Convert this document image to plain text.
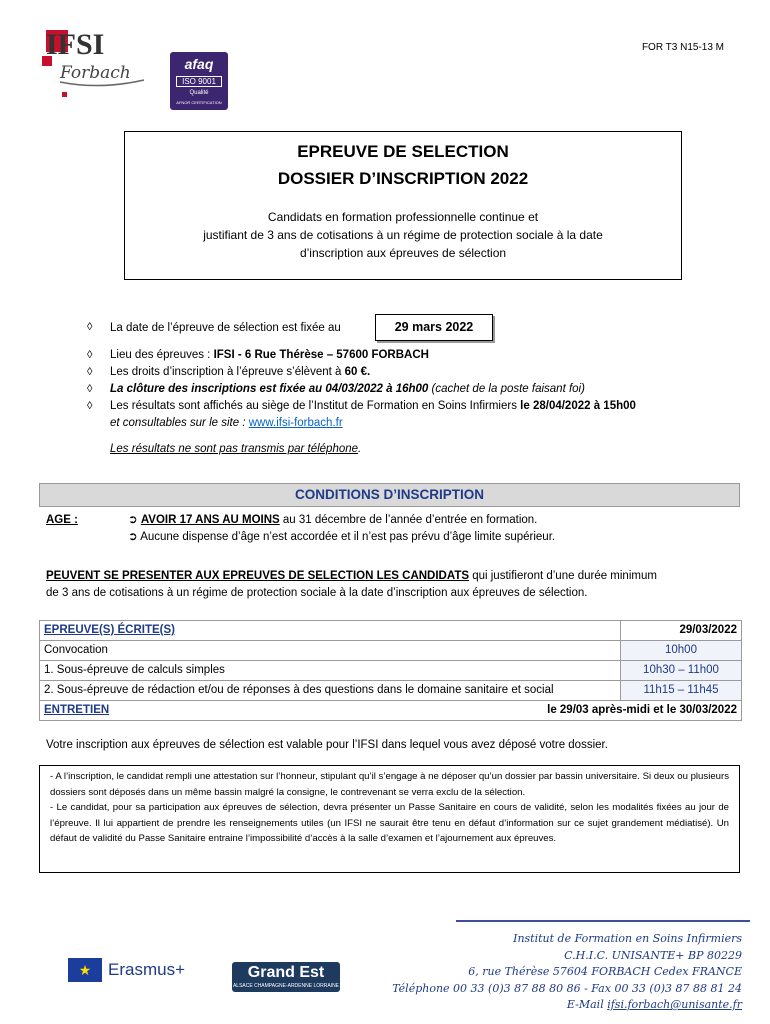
FOR T3 N15-13 M
IFSI
Forbach	afaq
ISO 9001
Qualité
AFNOR CERTIFICATION
EPREUVE DE SELECTION
DOSSIER D’INSCRIPTION 2022
Candidats en formation professionnelle continue et
justifiant de 3 ans de cotisations à un régime de protection sociale à la date
d’inscription aux épreuves de sélection
◊ La date de l’épreuve de sélection est fixée au	29 mars 2022
◊ Lieu des épreuves : IFSI - 6 Rue Thérèse – 57600 FORBACH
◊ Les droits d’inscription à l’épreuve s’élèvent à 60 €.
◊ La clôture des inscriptions est fixée au 04/03/2022 à 16h00 (cachet de la poste faisant foi)
◊ Les résultats sont affichés au siège de l’Institut de Formation en Soins Infirmiers le 28/04/2022 à 15h00
et consultables sur le site : www.ifsi-forbach.fr
Les résultats ne sont pas transmis par téléphone.
CONDITIONS D’INSCRIPTION
AGE :	➲ AVOIR 17 ANS AU MOINS au 31 décembre de l’année d’entrée en formation.
➲ Aucune dispense d’âge n’est accordée et il n’est pas prévu d’âge limite supérieur.
PEUVENT SE PRESENTER AUX EPREUVES DE SELECTION LES CANDIDATS qui justifieront d’une durée minimum
de 3 ans de cotisations à un régime de protection sociale à la date d’inscription aux épreuves de sélection.
EPREUVE(S) ÉCRITE(S)	29/03/2022
Convocation	10h00
1. Sous-épreuve de calculs simples	10h30 – 11h00
2. Sous-épreuve de rédaction et/ou de réponses à des questions dans le domaine sanitaire et social	11h15 – 11h45

ENTRETIEN le 29/03 après-midi et le 30/03/2022	
Votre inscription aux épreuves de sélection est valable pour l’IFSI dans lequel vous avez déposé votre dossier.

- A l’inscription, le candidat rempli une attestation sur l’honneur, stipulant qu’il s’engage à ne déposer qu’un dossier par bassin universitaire. Si deux ou plusieurs dossiers sont déposés dans un même bassin malgré la consigne, le contrevenant se verra exclu de la sélection.

- Le candidat, pour sa participation aux épreuves de sélection, devra présenter un Passe Sanitaire en cours de validité, selon les modalités fixées au jour de l’épreuve. Il lui appartient de prendre les renseignements utiles (un IFSI ne saurait être tenu en défaut d’information sur ce sujet grandement médiatisé). Un défaut de validité du Passe Sanitaire entraine l’impossibilité d’accès à la salle d’examen et l’ajournement aux épreuves.

Institut de Formation en Soins Infirmiers
C.H.I.C. UNISANTE+ BP 80229
6, rue Thérèse 57604 FORBACH Cedex FRANCE
Téléphone 00 33 (0)3 87 88 80 86 - Fax 00 33 (0)3 87 88 81 24
E-Mail ifsi.forbach@unisante.fr
★ Erasmus+	Grand Est
ALSACE CHAMPAGNE-ARDENNE LORRAINE
